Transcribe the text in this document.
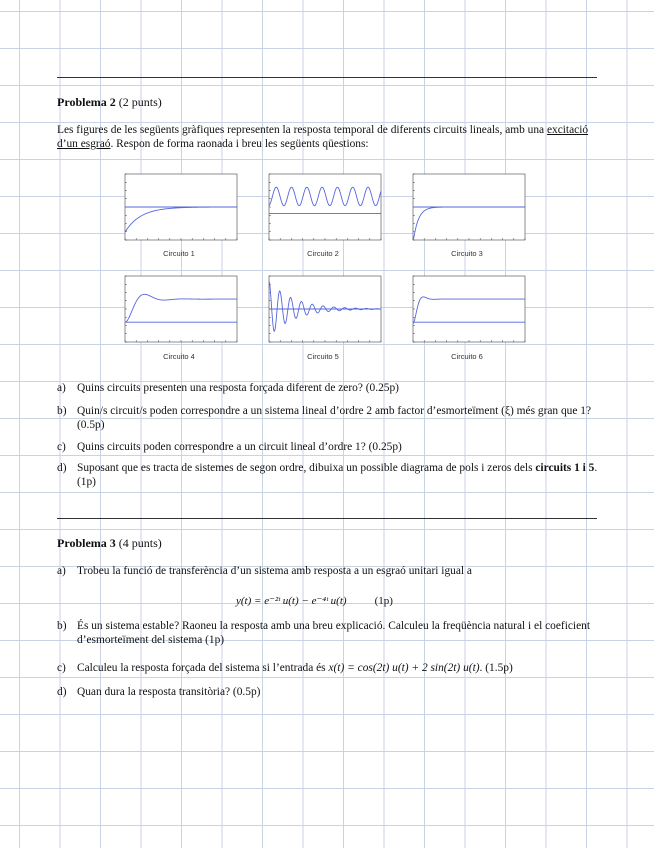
Problema 2 (2 punts)
Les figures de les següents gràfiques representen la resposta temporal de diferents circuits lineals, amb una excitació d’un esgraó. Respon de forma raonada i breu les següents qüestions:
Circuito 1	Circuito 2	Circuito 3
Circuito 4	Circuito 5	Circuito 6
a) Quins circuits presenten una resposta forçada diferent de zero? (0.25p)
b) Quin/s circuit/s poden correspondre a un sistema lineal d’ordre 2 amb factor d’esmorteïment (ξ) més gran que 1? (0.5p)
c) Quins circuits poden correspondre a un circuit lineal d’ordre 1? (0.25p)
d) Suposant que es tracta de sistemes de segon ordre, dibuixa un possible diagrama de pols i zeros dels circuits 1 i 5. (1p)
Problema 3 (4 punts)
a) Trobeu la funció de transferència d’un sistema amb resposta a un esgraó unitari igual a
y(t) = e⁻²ᵗ u(t) − e⁻⁴ᵗ u(t)	(1p)
b) És un sistema estable? Raoneu la resposta amb una breu explicació. Calculeu la freqüència natural i el coeficient d’esmorteïment del sistema (1p)
c) Calculeu la resposta forçada del sistema si l’entrada és x(t) = cos(2t) u(t) + 2 sin(2t) u(t). (1.5p)
d) Quan dura la resposta transitòria? (0.5p)
